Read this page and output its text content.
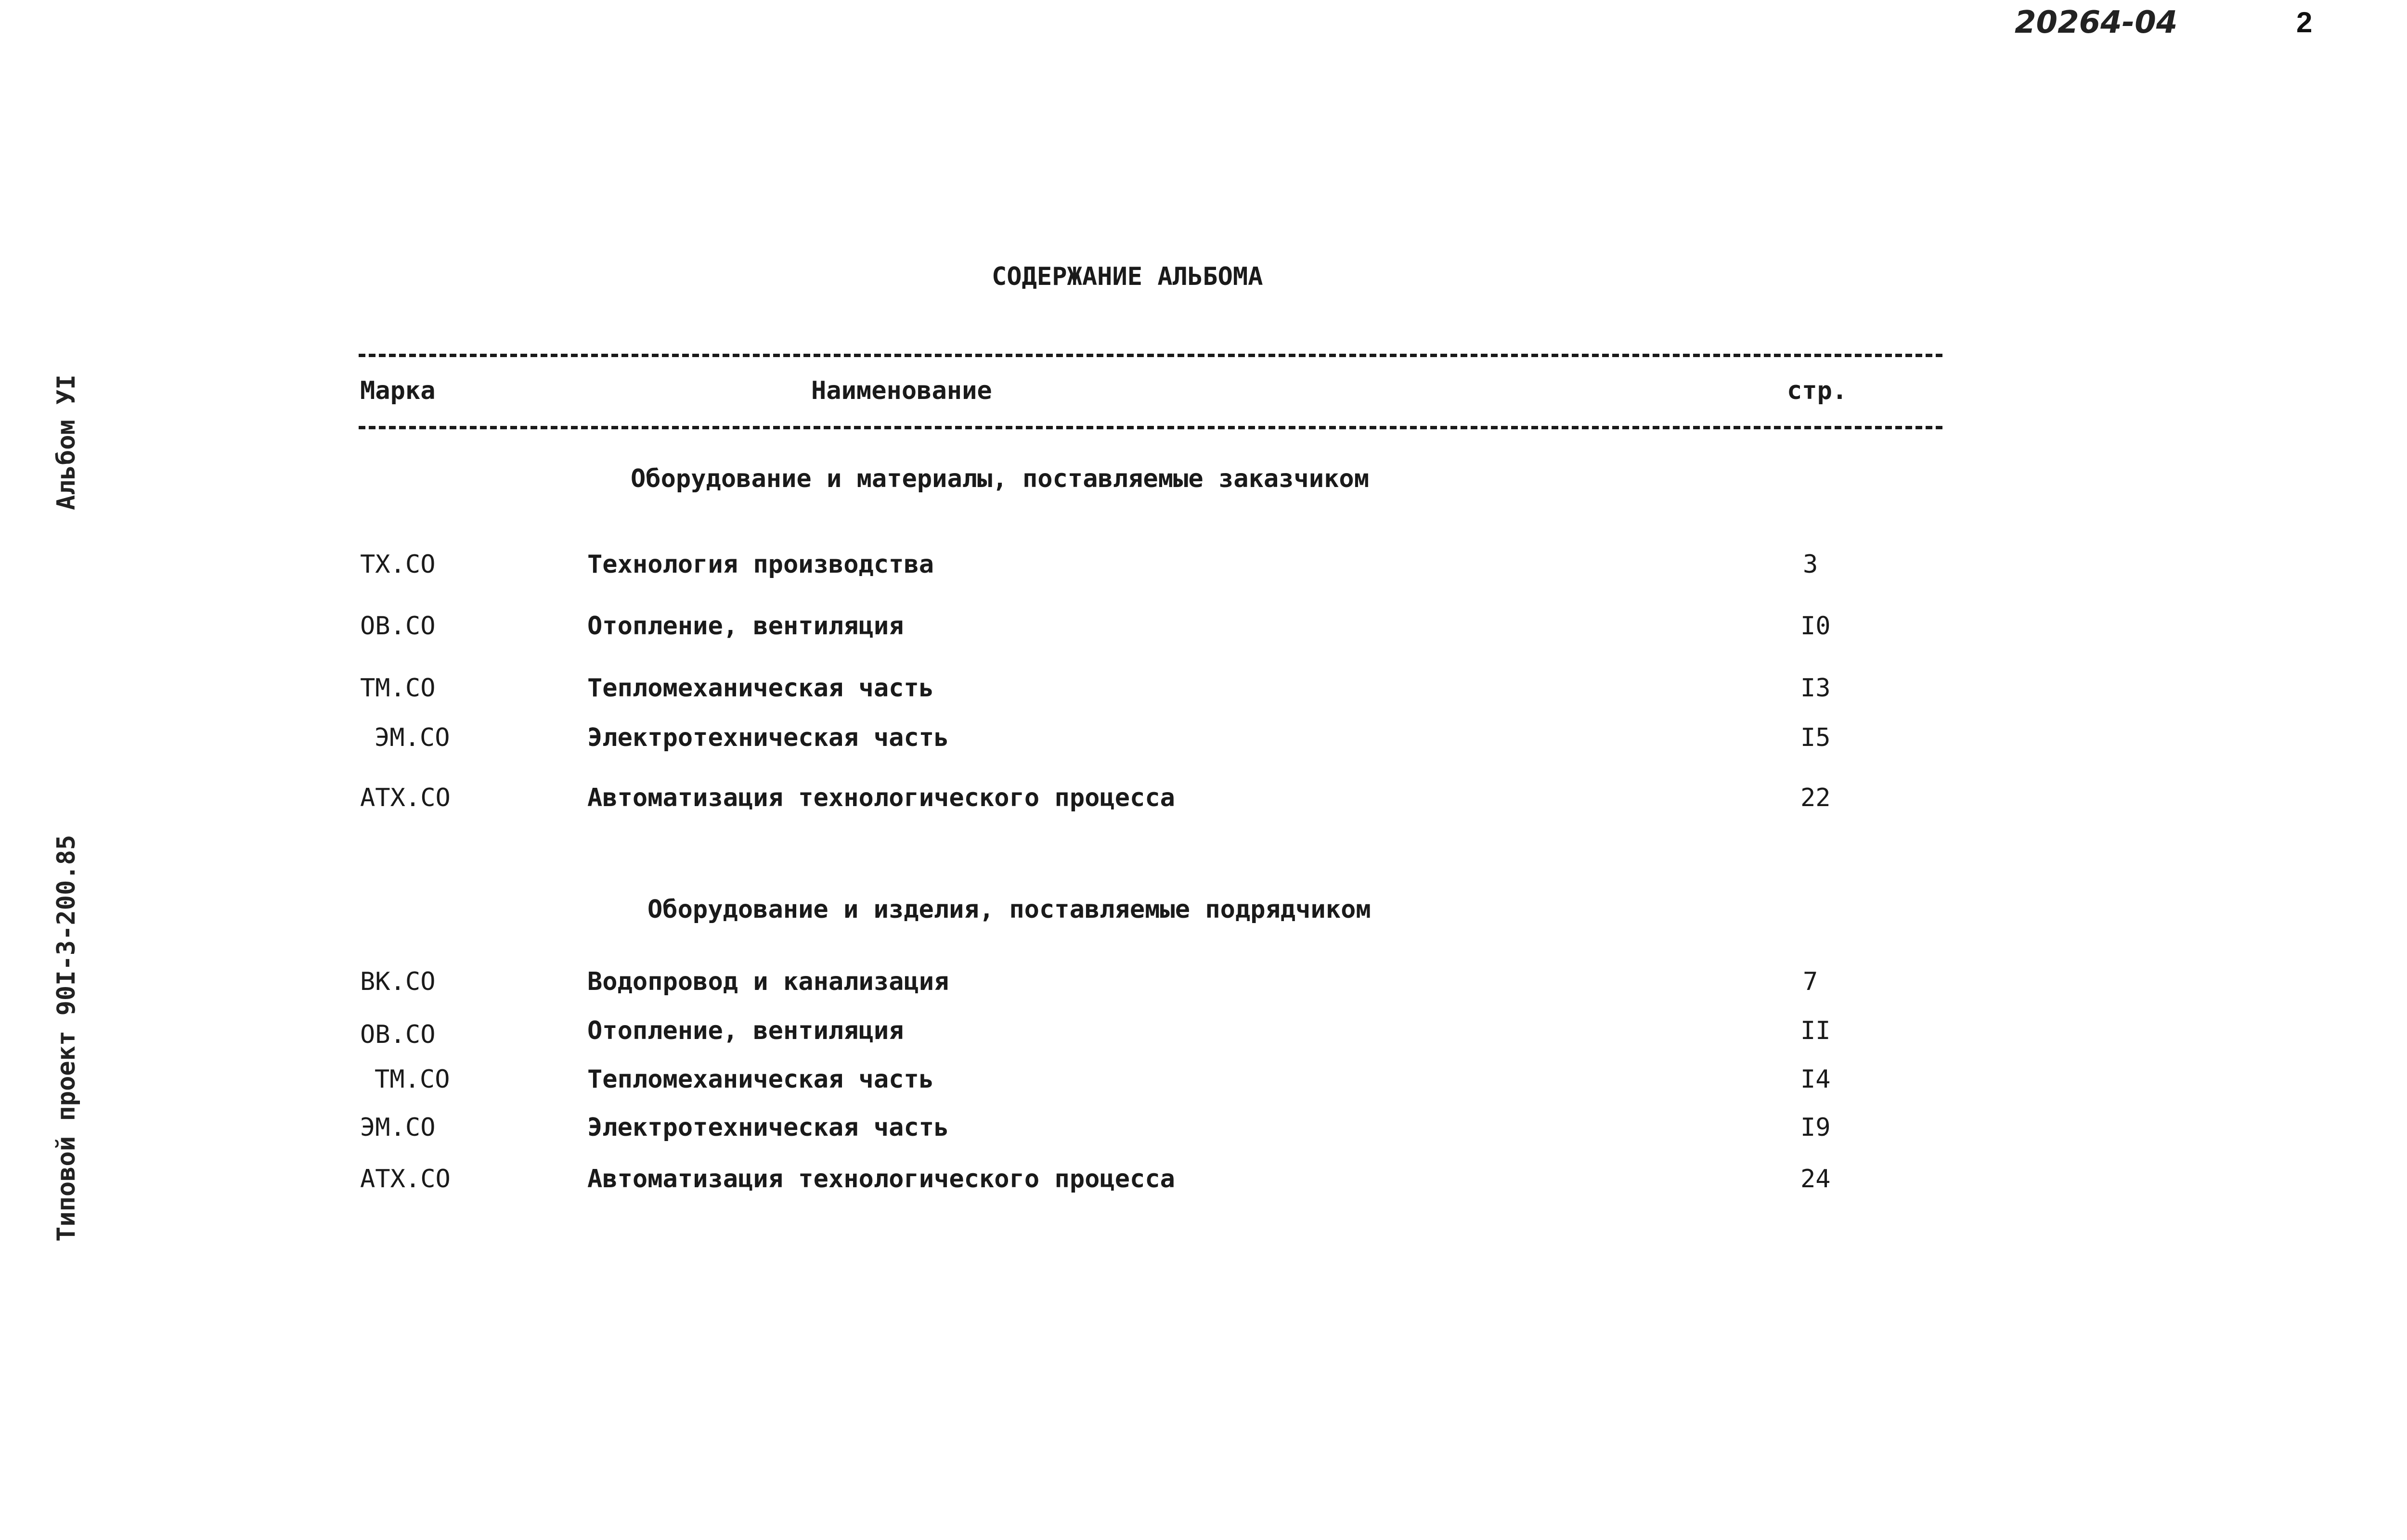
20264-04	2
Альбом УI
Типовой проект 90I-3-200.85
СОДЕРЖАНИЕ АЛЬБОМА
Марка	Наименование	стр.
Оборудование и материалы, поставляемые заказчиком
ТХ.СО	Технология производства	3
ОВ.СО	Отопление, вентиляция	I0
ТМ.СО	Тепломеханическая часть	I3
ЭМ.СО	Электротехническая часть	I5
АТХ.СО	Автоматизация технологического процесса	22
Оборудование и изделия, поставляемые подрядчиком
ВК.СО	Водопровод и канализация	7
ОВ.СО	Отопление, вентиляция	II
ТМ.СО	Тепломеханическая часть	I4
ЭМ.СО	Электротехническая часть	I9
АТХ.СО	Автоматизация технологического процесса	24
